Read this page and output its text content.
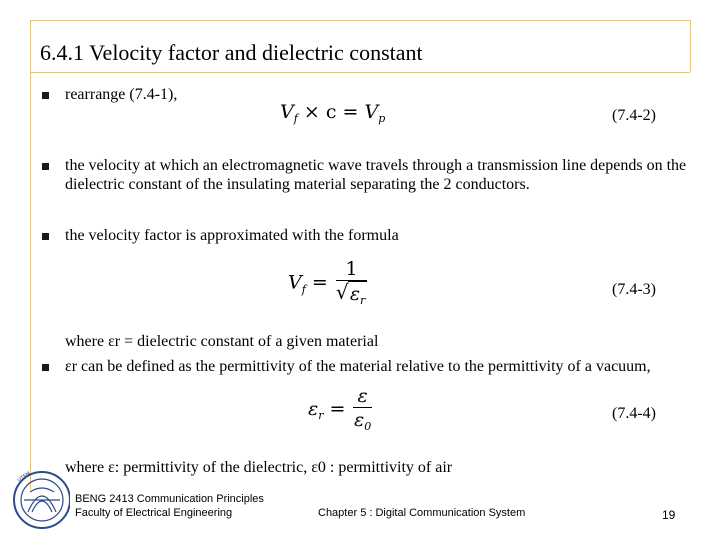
6.4.1 Velocity factor and dielectric constant
rearrange (7.4-1),
$V_f \times c = V_p$	(7.4-2)
the velocity at which an electromagnetic wave travels through a transmission line depends on the dielectric constant of the insulating material separating the 2 conductors.
the velocity factor is approximated with the formula
$V_f = \frac{1}{√ \varepsilon_r}$	(7.4-3)
where εr = dielectric constant of a given material
εr can be defined as the permittivity of the material relative to the permittivity of a vacuum,
$\varepsilon_r = \frac{\varepsilon}{\varepsilon_0}$	(7.4-4)
where ε: permittivity of the dielectric, ε0 : permittivity of air
UTEM
BENG 2413 Communication Principles
Faculty of Electrical Engineering	Chapter 5 : Digital Communication System	19
